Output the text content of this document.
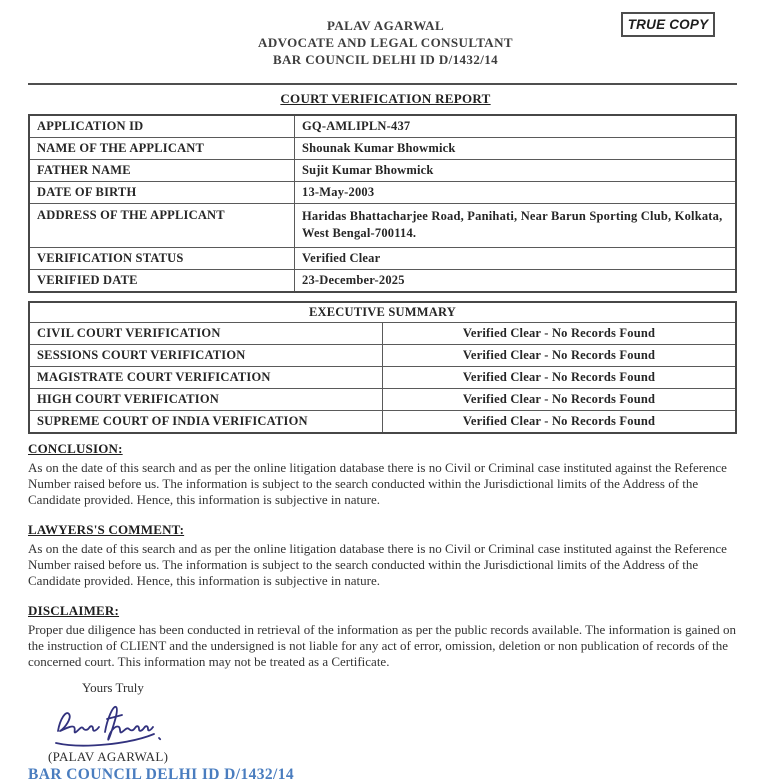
TRUE COPY
PALAV AGARWAL
ADVOCATE AND LEGAL CONSULTANT
BAR COUNCIL DELHI ID D/1432/14
COURT VERIFICATION REPORT
APPLICATION ID	GQ-AMLIPLN-437
NAME OF THE APPLICANT	Shounak Kumar Bhowmick
FATHER NAME	Sujit Kumar Bhowmick
DATE OF BIRTH	13-May-2003
ADDRESS OF THE APPLICANT	Haridas Bhattacharjee Road, Panihati, Near Barun Sporting Club, Kolkata, West Bengal-700114.
VERIFICATION STATUS	Verified Clear
VERIFIED DATE	23-December-2025
EXECUTIVE SUMMARY	
CIVIL COURT VERIFICATION	Verified Clear - No Records Found
SESSIONS COURT VERIFICATION	Verified Clear - No Records Found
MAGISTRATE COURT VERIFICATION	Verified Clear - No Records Found
HIGH COURT VERIFICATION	Verified Clear - No Records Found
SUPREME COURT OF INDIA VERIFICATION	Verified Clear - No Records Found
CONCLUSION:
As on the date of this search and as per the online litigation database there is no Civil or Criminal case instituted against the Reference Number raised before us. The information is subject to the search conducted within the Jurisdictional limits of the Address of the Candidate provided. Hence, this information is subjective in nature.
LAWYERS'S COMMENT:
As on the date of this search and as per the online litigation database there is no Civil or Criminal case instituted against the Reference Number raised before us. The information is subject to the search conducted within the Jurisdictional limits of the Address of the Candidate provided. Hence, this information is subjective in nature.
DISCLAIMER:
Proper due diligence has been conducted in retrieval of the information as per the public records available. The information is gained on the instruction of CLIENT and the undersigned is not liable for any act of error, omission, deletion or non publication of records of the concerned court. This information may not be treated as a Certificate.
Yours Truly
(PALAV AGARWAL)
BAR COUNCIL DELHI ID D/1432/14
